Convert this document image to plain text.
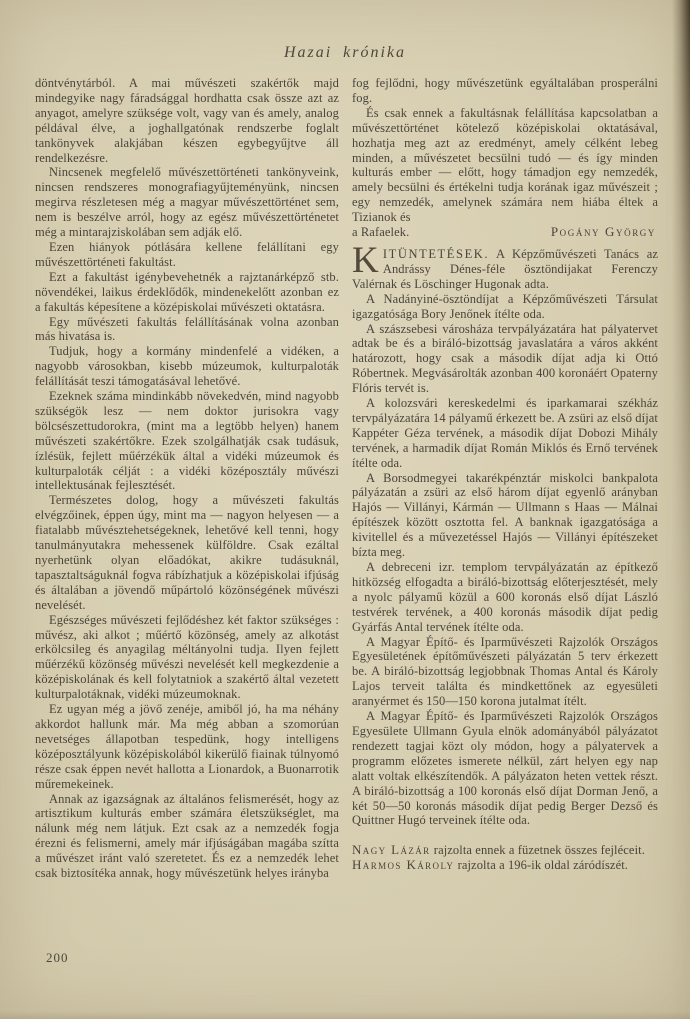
Hazai krónika

döntvénytárból. A mai művészeti szakértők majd mindegyike nagy fáradsággal hordhatta csak össze azt az anyagot, amelyre szüksége volt, vagy van és amely, analog példával élve, a joghallgatónak rendszerbe foglalt tankönyvek alakjában készen egybegyűjtve áll rendelkezésre.

Nincsenek megfelelő művészettörténeti tankönyveink, nincsen rendszeres monografiagyűjteményünk, nincsen megirva részletesen még a magyar művészettörténet sem, nem is beszélve arról, hogy az egész művészettörténetet még a mintarajziskolában sem adják elő.

Ezen hiányok pótlására kellene felállítani egy művészettörténeti fakultást.

Ezt a fakultást igénybevehetnék a rajztanárképző stb. növendékei, laikus érdeklődők, mindenekelőtt azonban ez a fakultás képesítene a középiskolai művészeti oktatásra.

Egy művészeti fakultás felállításának volna azonban más hivatása is.

Tudjuk, hogy a kormány mindenfelé a vidéken, a nagyobb városokban, kisebb múzeumok, kulturpaloták felállítását teszi támogatásával lehetővé.

Ezeknek száma mindinkább növekedvén, mind nagyobb szükségök lesz — nem doktor jurisokra vagy bölcsészettudorokra, (mint ma a legtöbb helyen) hanem művészeti szakértőkre. Ezek szolgálhatják csak tudásuk, ízlésük, fejlett műérzékük által a vidéki múzeumok és kulturpaloták célját : a vidéki középosztály művészi intellektusának fejlesztését.

Természetes dolog, hogy a művészeti fakultás elvégzőinek, éppen úgy, mint ma — nagyon helyesen — a fiatalabb művésztehetségeknek, lehetővé kell tenni, hogy tanulmányutakra mehessenek külföldre. Csak ezáltal nyerhetünk olyan előadókat, akikre tudásuknál, tapasztaltságuknál fogva rábízhatjuk a középiskolai ifjúság és általában a jövendő műpártoló közönségének művészi nevelését.

Egészséges művészeti fejlődéshez két faktor szükséges : művész, aki alkot ; műértő közönség, amely az alkotást erkölcsileg és anyagilag méltányolni tudja. Ilyen fejlett műérzékű közönség művészi nevelését kell megkezdenie a középiskolának és kell folytatniok a szakértő által vezetett kulturpalotáknak, vidéki múzeumoknak.

Ez ugyan még a jövő zenéje, amiből jó, ha ma néhány akkordot hallunk már. Ma még abban a szomorúan nevetséges állapotban tespedünk, hogy intelligens középosztályunk középiskolából kikerülő fiainak túlnyomó része csak éppen nevét hallotta a Lionardok, a Buonarrotik műremekeinek.

Annak az igazságnak az általános felismerését, hogy az artisztikum kulturás ember számára életszükséglet, ma nálunk még nem látjuk. Ezt csak az a nemzedék fogja érezni és felismerni, amely már ifjúságában magába szítta a művészet iránt való szeretetet. És ez a nemzedék lehet csak biztosítéka annak, hogy művészetünk helyes irányba

fog fejlődni, hogy művészetünk egyáltalában prosperálni fog.

És csak ennek a fakultásnak felállítása kapcsolatban a művészettörténet kötelező középiskolai oktatásával, hozhatja meg azt az eredményt, amely célként lebeg minden, a művészetet becsülni tudó — és így minden kulturás ember — előtt, hogy támadjon egy nemzedék, amely becsülni és értékelni tudja korának igaz művészeit ; egy nemzedék, amelynek számára nem hiába éltek a Tizianok és

a Rafaelek.	Pogány György

KITÜNTETÉSEK. A Képzőművészeti Tanács az Andrássy Dénes-féle ösztöndijakat Ferenczy Valérnak és Löschinger Hugonak adta.

A Nadányiné-ösztöndíjat a Képzőművészeti Társulat igazgatósága Bory Jenőnek ítélte oda.

A szászsebesi városháza tervpályázatára hat pályatervet adtak be és a biráló-bizottság javaslatára a város akként határozott, hogy csak a második díjat adja ki Ottó Róbertnek. Megvásárolták azonban 400 koronáért Opaterny Flóris tervét is.

A kolozsvári kereskedelmi és iparkamarai székház tervpályázatára 14 pályamű érkezett be. A zsüri az első díjat Kappéter Géza tervének, a második díjat Dobozi Mihály tervének, a harmadik díjat Román Miklós és Ernő tervének ítélte oda.

A Borsodmegyei takarékpénztár miskolci bankpalota pályázatán a zsüri az első három díjat egyenlő arányban Hajós — Villányi, Kármán — Ullmann s Haas — Málnai építészek között osztotta fel. A banknak igazgatósága a kivitellel és a művezetéssel Hajós — Villányi építészeket bízta meg.

A debreceni izr. templom tervpályázatán az építkező hitközség elfogadta a biráló-bizottság előterjesztését, mely a nyolc pályamű közül a 600 koronás első díjat László testvérek tervének, a 400 koronás második díjat pedig Gyárfás Antal tervének ítélte oda.

A Magyar Építő- és Iparművészeti Rajzolók Országos Egyesületének építőművészeti pályázatán 5 terv érkezett be. A biráló-bizottság legjobbnak Thomas Antal és Károly Lajos terveit találta és mindkettőnek az egyesületi aranyérmet és 150—150 korona jutalmat ítélt.

A Magyar Építő- és Iparművészeti Rajzolók Országos Egyesülete Ullmann Gyula elnök adományából pályázatot rendezett tagjai közt oly módon, hogy a pályatervek a programm előzetes ismerete nélkül, zárt helyen egy nap alatt voltak elkészítendők. A pályázaton heten vettek részt. A biráló-bizottság a 100 koronás első díjat Dorman Jenő, a két 50—50 koronás második díjat pedig Berger Dezső és Quittner Hugó terveinek ítélte oda.

Nagy Lázár rajzolta ennek a füzetnek összes fejléceit.

Harmos Károly rajzolta a 196-ik oldal záródíszét.

200
